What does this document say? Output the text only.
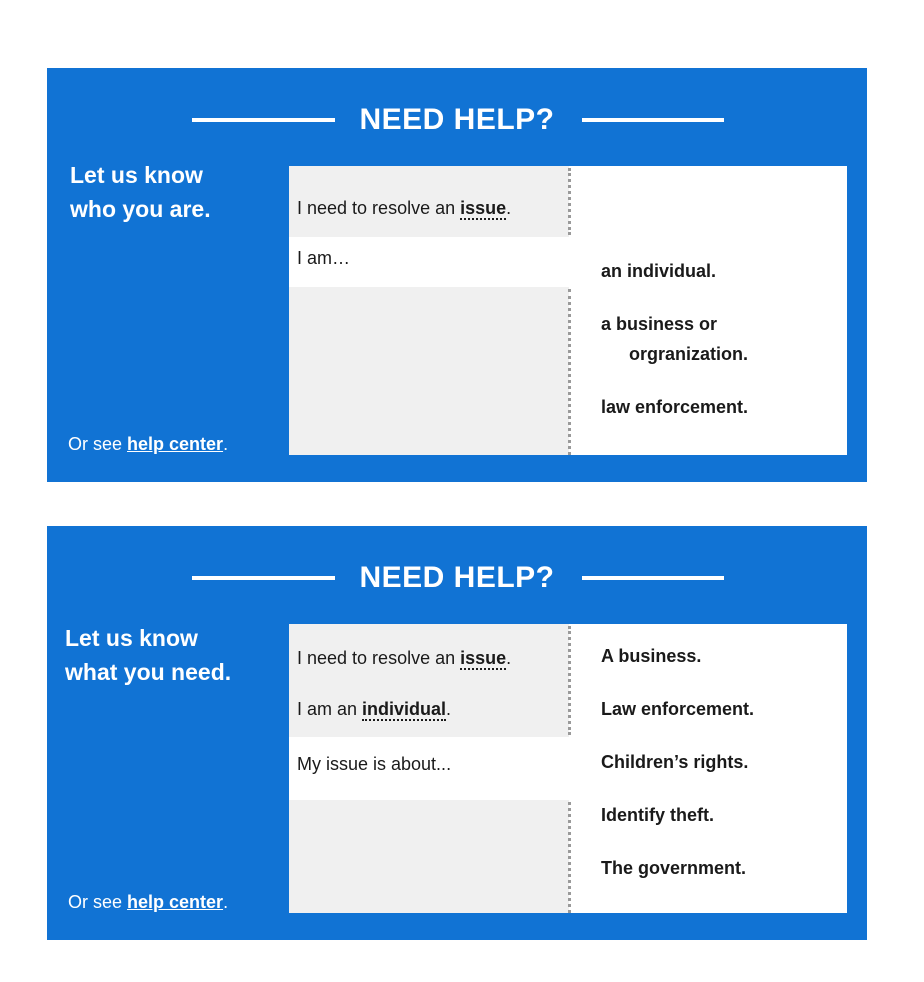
NEED HELP?
Let us know
who you are.
Or see help center.
I need to resolve an issue.
I am…
an individual.
a business or
orgranization.
law enforcement.
NEED HELP?
Let us know
what you need.
Or see help center.
I need to resolve an issue.
I am an individual.
My issue is about...
A business.
Law enforcement.
Children’s rights.
Identify theft.
The government.
